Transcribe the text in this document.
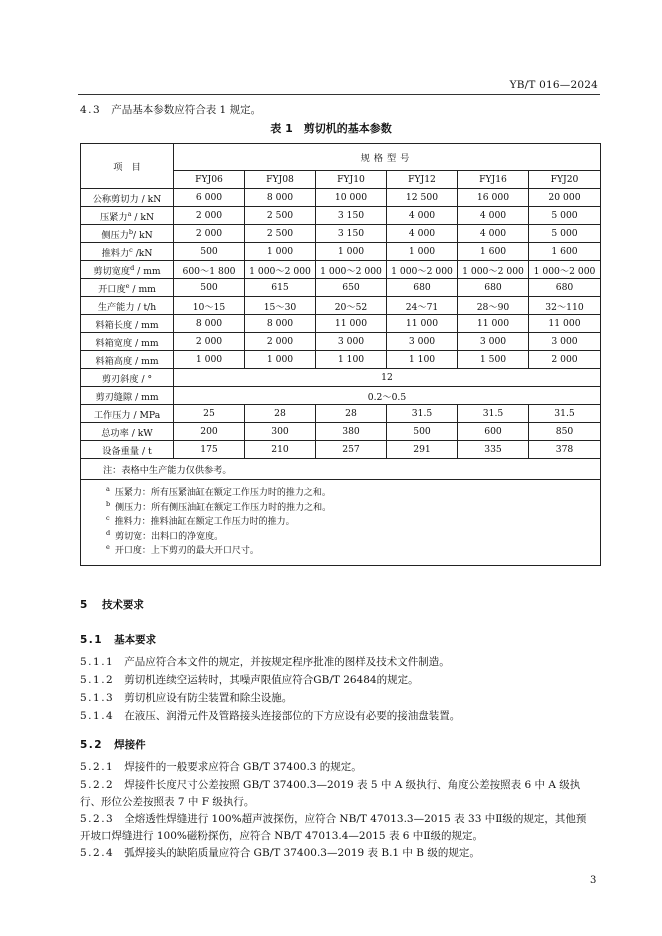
YB/T 016—2024
4.3 产品基本参数应符合表 1 规定。
表 1　剪切机的基本参数
项　目	规格型号					
	FYJ06	FYJ08	FYJ10	FYJ12	FYJ16	FYJ20
公称剪切力 / kN	6 000	8 000	10 000	12 500	16 000	20 000
压紧力$^a$ / kN	2 000	2 500	3 150	4 000	4 000	5 000
侧压力$^b$/ kN	2 000	2 500	3 150	4 000	4 000	5 000
推料力$^c$ /kN	500	1 000	1 000	1 000	1 600	1 600
剪切宽度$^d$ / mm	600～1 800	1 000～2 000	1 000～2 000	1 000～2 000	1 000～2 000	1 000～2 000
开口度$^e$ / mm	500	615	650	680	680	680
生产能力 / t/h	10～15	15～30	20～52	24～71	28～90	32～110
料箱长度 / mm	8 000	8 000	11 000	11 000	11 000	11 000
料箱宽度 / mm	2 000	2 000	3 000	3 000	3 000	3 000
料箱高度 / mm	1 000	1 000	1 100	1 100	1 500	2 000
剪刃斜度 / °	12					
剪刃缝隙 / mm	0.2～0.5					
工作压力 / MPa	25	28	28	31.5	31.5	31.5
总功率 / kW	200	300	380	500	600	850
设备重量 / t	175	210	257	291	335	378
注：表格中生产能力仅供参考。						

$^a$ 压紧力：所有压紧油缸在额定工作压力时的推力之和。
$^b$ 侧压力：所有侧压油缸在额定工作压力时的推力之和。
$^c$ 推料力：推料油缸在额定工作压力时的推力。
$^d$ 剪切宽：出料口的净宽度。
$^e$ 开口度：上下剪刃的最大开口尺寸。						
5 技术要求
5.1 基本要求
5.1.1 产品应符合本文件的规定，并按规定程序批准的图样及技术文件制造。
5.1.2 剪切机连续空运转时，其噪声限值应符合GB/T 26484的规定。
5.1.3 剪切机应设有防尘装置和除尘设施。
5.1.4 在液压、润滑元件及管路接头连接部位的下方应设有必要的接油盘装置。
5.2 焊接件
5.2.1 焊接件的一般要求应符合 GB/T 37400.3 的规定。
5.2.2 焊接件长度尺寸公差按照 GB/T 37400.3—2019 表 5 中 A 级执行、角度公差按照表 6 中 A 级执行、形位公差按照表 7 中 F 级执行。
5.2.3 全熔透性焊缝进行 100%超声波探伤，应符合 NB/T 47013.3—2015 表 33 中Ⅱ级的规定，其他预开坡口焊缝进行 100%磁粉探伤，应符合 NB/T 47013.4—2015 表 6 中Ⅱ级的规定。
5.2.4 弧焊接头的缺陷质量应符合 GB/T 37400.3—2019 表 B.1 中 B 级的规定。
3
